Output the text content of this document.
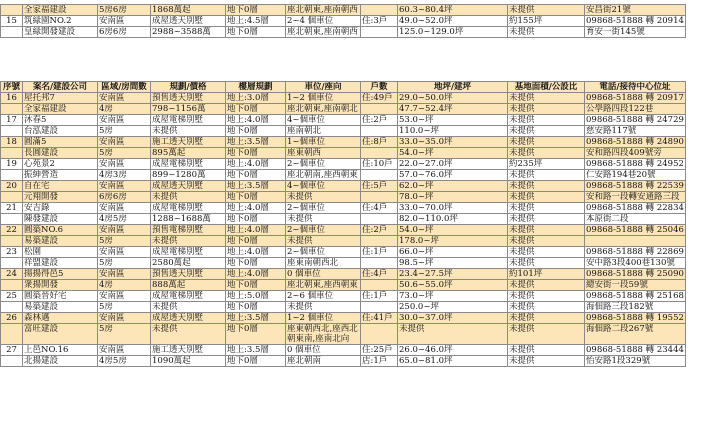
	全家福建設	5房6房	1868萬起	地下0層	座北朝東,座南朝西		60.3~80.4坪	未提供	安昌街21號
15	筑緑園NO.2	安南區	成屋透天別墅	地上:4.5層	2~4 個車位	住:3戶	49.0~52.0坪	約155坪	09868-51888 轉 20914
	皇緑開發建設	6房6房	2988~3588萬	地下0層	座北朝東,座南朝西		125.0~129.0坪	未提供	育安一街145號
序號	案名/建設公司	區域/房間數	規劃/價格	樓層規劃	車位/座向	戶數	地坪/建坪	基地面積/公設比	電話/接待中心位址
16	屋托邦7	安南區	預售透天別墅	地上:3.0層	1~2 個車位	住:49戶	29.0~50.0坪	未提供	09868-51888 轉 20917
	全家福建設	4房	798~1156萬	地下0層	座北朝東,座南朝北		47.7~52.4坪	未提供	公學路四段122巷
17	沐春5	安南區	成屋電梯別墅	地上:4.0層	4~個車位	住:2戶	53.0~坪	未提供	09868-51888 轉 24729
	台泓建設	5房	未提供	地下0層	座南朝北		110.0~坪	未提供	慈安路117號
18	圓滿5	安南區	施工透天別墅	地上:3.5層	1~個車位	住:8戶	33.0~35.0坪	未提供	09868-51888 轉 24890
	長圓建設	5房	895萬起	地下0層	座東朝西		54.0~坪	未提供	安和路四段409號旁
19	心苑景2	安南區	成屋電梯別墅	地上:4.0層	2~個車位	住:10戶	22.0~27.0坪	約235坪	09868-51888 轉 24952
	振紳營造	4房3房	899~1280萬	地下0層	座北朝南,座西朝東		57.0~76.0坪	未提供	仁安路194巷20號
20	自在宅	安南區	成屋透天別墅	地上:3.5層	4~個車位	住:5戶	62.0~坪	未提供	09868-51888 轉 22539
	元翔開發	6房6房	未提供	地下0層	未提供		78.0~坪	未提供	安和路一段轉安通路三段
21	安吉錄	安南區	成屋電梯別墅	地上:4.0層	2~個車位	住:4戶	33.0~70.0坪	未提供	09868-51888 轉 22834
	陳發建設	4房5房	1288~1688萬	地下0層	未提供		82.0~110.0坪	未提供	本原街二段
22	圓築NO.6	安南區	預售電梯別墅	地上:4.0層	2~個車位	住:2戶	54.0~坪	未提供	09868-51888 轉 25046
	易築建設	5房	未提供	地下0層	未提供		178.0~坪	未提供	
23	松園	安南區	成屋電梯別墅	地上:4.0層	2~個車位	住:1戶	66.0~坪	未提供	09868-51888 轉 22869
	祥盟建設	5房	2580萬起	地下0層	座東南朝西北		98.5~坪	未提供	安中路3段400巷130號
24	揚揚得邑5	安南區	預售透天別墅	地上:4.0層	0 個車位	住:4戶	23.4~27.5坪	約101坪	09868-51888 轉 25090
	衆揚開發	4房	888萬起	地下0層	座北朝東,座西朝東		50.6~55.0坪	未提供	總安街一段59號
25	圓築晉好宅	安南區	成屋電梯別墅	地上:5.0層	2~6 個車位	住:1戶	73.0~坪	未提供	09868-51888 轉 25168
	易築建設	5房	未提供	地下0層	未提供		250.0~坪	未提供	海佃路三段182號
26	森林邁	安南區	成屋透天別墅	地上:3.5層	1~2 個車位	住:41戶	30.0~37.0坪	未提供	09868-51888 轉 19552
	富旺建設	5房	未提供	地下0層	座東朝西北,座西北朝東南,座南北向		未提供	未提供	海佃路二段267號
27	上邑NO.16	安南區	施工透天別墅	地上:3.5層	0 個車位	住:25戶	26.0~46.0坪	未提供	09868-51888 轉 23444
	北揚建設	4房5房	1090萬起	地下0層	座北朝南	店:1戶	65.0~81.0坪	未提供	怡安路1段329號
